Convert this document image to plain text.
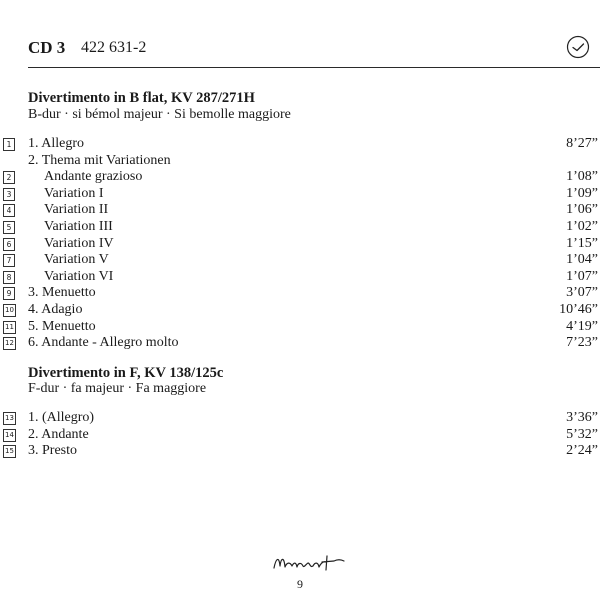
CD 3 422 631-2
Divertimento in B flat, KV 287/271H
B-dur · si bémol majeur · Si bemolle maggiore
1 1. Allegro	8’27”
2. Thema mit Variationen
2 Andante grazioso	1’08”
3 Variation I	1’09”
4 Variation II	1’06”
5 Variation III	1’02”
6 Variation IV	1’15”
7 Variation V	1’04”
8 Variation VI	1’07”
9 3. Menuetto	3’07”
10 4. Adagio	10’46”
11 5. Menuetto	4’19”
12 6. Andante - Allegro molto	7’23”
Divertimento in F, KV 138/125c
F-dur · fa majeur · Fa maggiore
13 1. (Allegro)	3’36”
14 2. Andante	5’32”
15 3. Presto	2’24”
9
